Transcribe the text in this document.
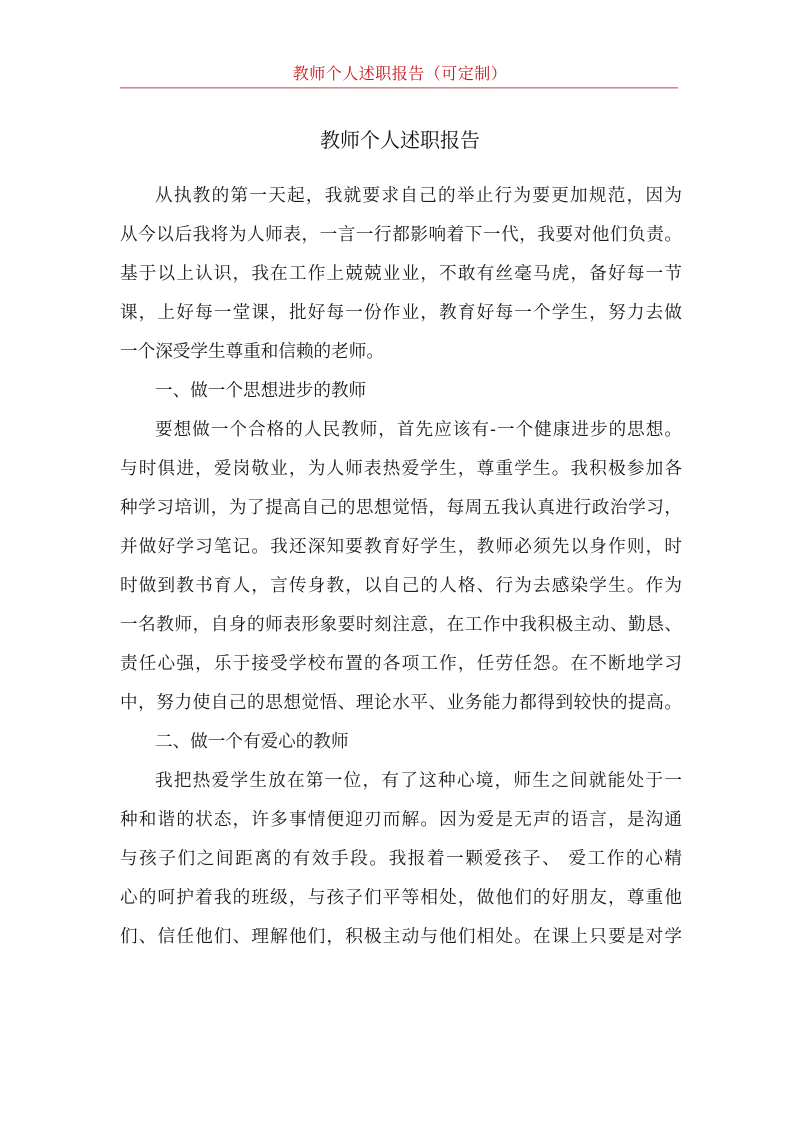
教师个人述职报告（可定制）
教师个人述职报告
从执教的第一天起，我就要求自己的举止行为要更加规范，因为
从今以后我将为人师表，一言一行都影响着下一代，我要对他们负责。
基于以上认识，我在工作上兢兢业业，不敢有丝毫马虎，备好每一节
课，上好每一堂课，批好每一份作业，教育好每一个学生，努力去做
一个深受学生尊重和信赖的老师。
一、做一个思想进步的教师
要想做一个合格的人民教师，首先应该有-一个健康进步的思想。
与时俱进，爱岗敬业，为人师表热爱学生，尊重学生。我积极参加各
种学习培训，为了提高自己的思想觉悟，每周五我认真进行政治学习，
并做好学习笔记。我还深知要教育好学生，教师必须先以身作则，时
时做到教书育人，言传身教，以自己的人格、行为去感染学生。作为
一名教师，自身的师表形象要时刻注意，在工作中我积极主动、勤恳、
责任心强，乐于接受学校布置的各项工作，任劳任怨。在不断地学习
中，努力使自己的思想觉悟、理论水平、业务能力都得到较快的提高。
二、做一个有爱心的教师
我把热爱学生放在第一位，有了这种心境，师生之间就能处于一
种和谐的状态，许多事情便迎刃而解。因为爱是无声的语言，是沟通
与孩子们之间距离的有效手段。我报着一颗爱孩子、 爱工作的心精
心的呵护着我的班级，与孩子们平等相处，做他们的好朋友，尊重他
们、信任他们、理解他们，积极主动与他们相处。在课上只要是对学
